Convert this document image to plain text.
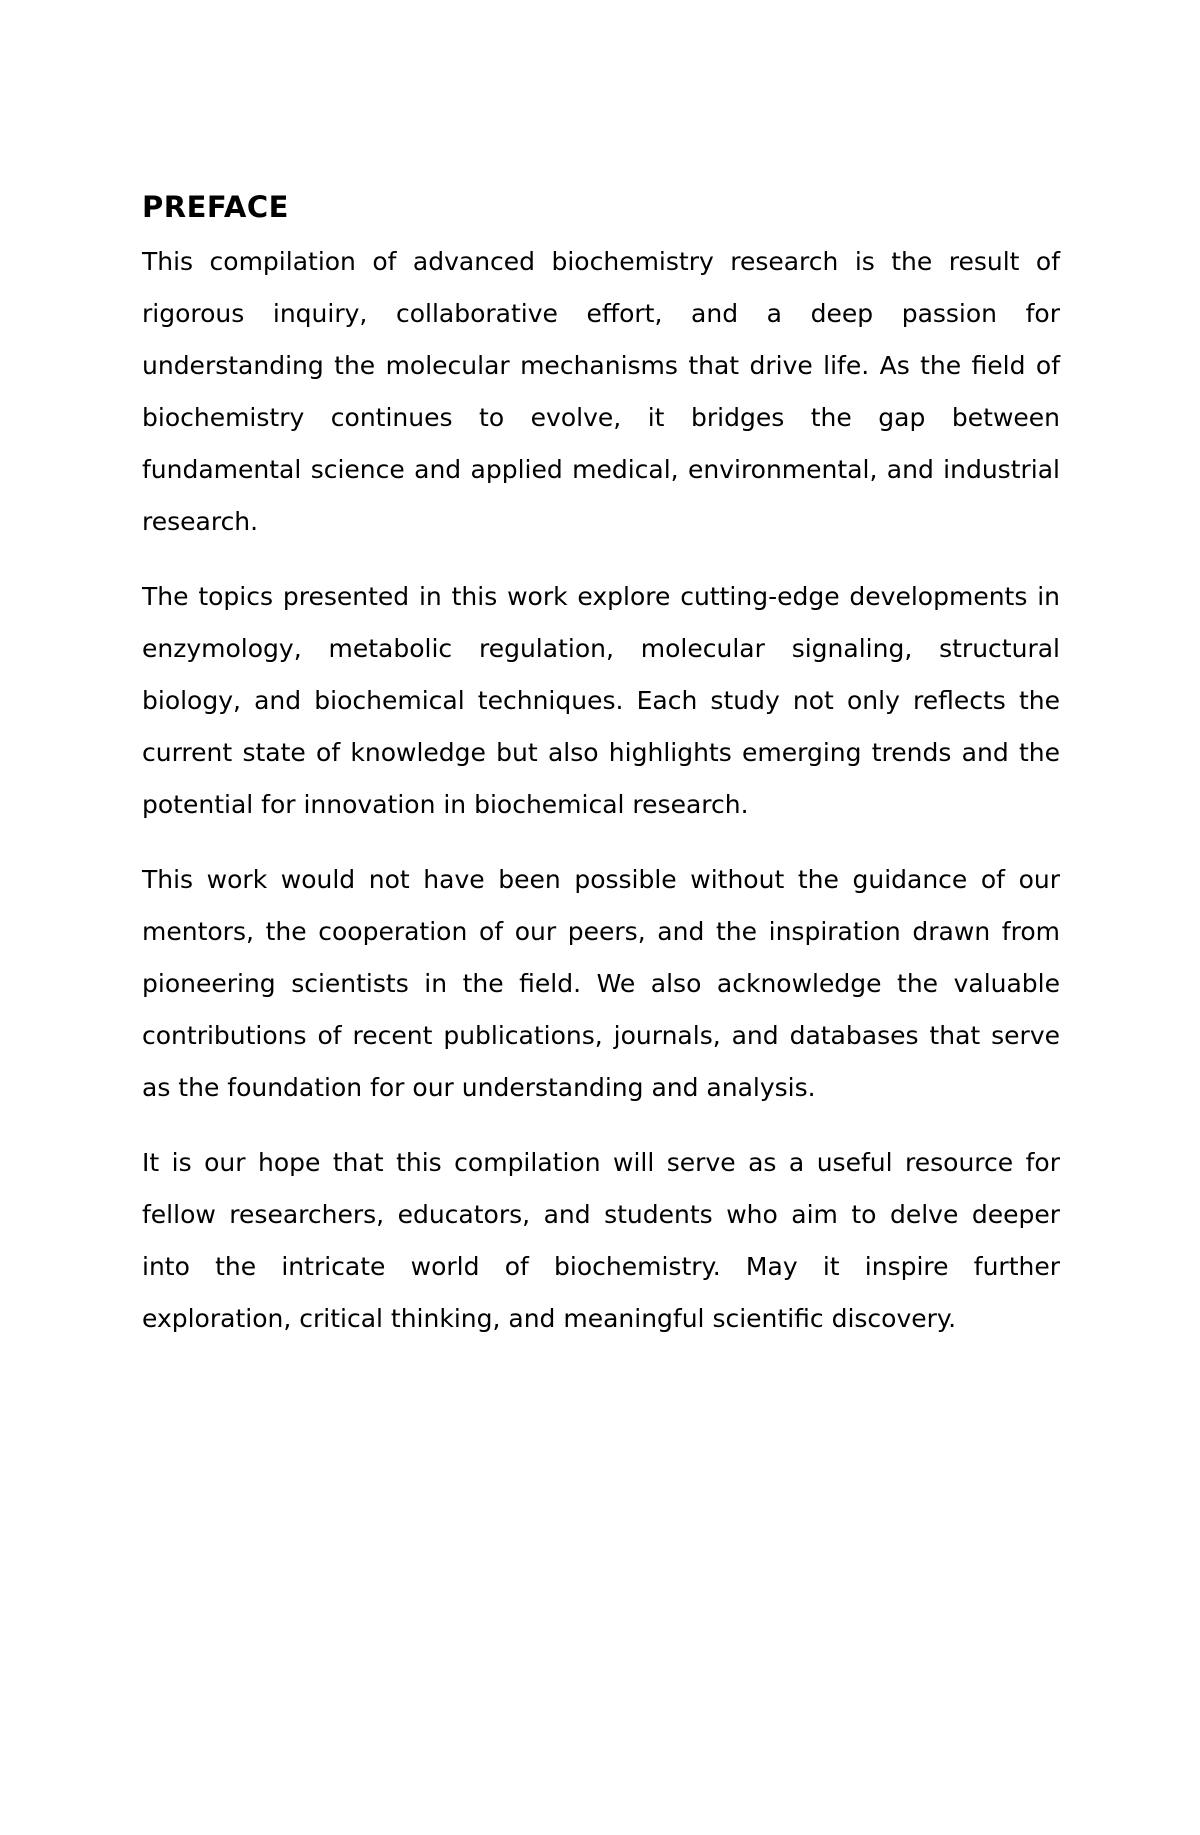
PREFACE

This compilation of advanced biochemistry research is the result of rigorous inquiry, collaborative effort, and a deep passion for understanding the molecular mechanisms that drive life. As the field of biochemistry continues to evolve, it bridges the gap between fundamental science and applied medical, environmental, and industrial research.

The topics presented in this work explore cutting-edge developments in enzymology, metabolic regulation, molecular signaling, structural biology, and biochemical techniques. Each study not only reflects the current state of knowledge but also highlights emerging trends and the potential for innovation in biochemical research.

This work would not have been possible without the guidance of our mentors, the cooperation of our peers, and the inspiration drawn from pioneering scientists in the field. We also acknowledge the valuable contributions of recent publications, journals, and databases that serve as the foundation for our understanding and analysis.

It is our hope that this compilation will serve as a useful resource for fellow researchers, educators, and students who aim to delve deeper into the intricate world of biochemistry. May it inspire further exploration, critical thinking, and meaningful scientific discovery.
